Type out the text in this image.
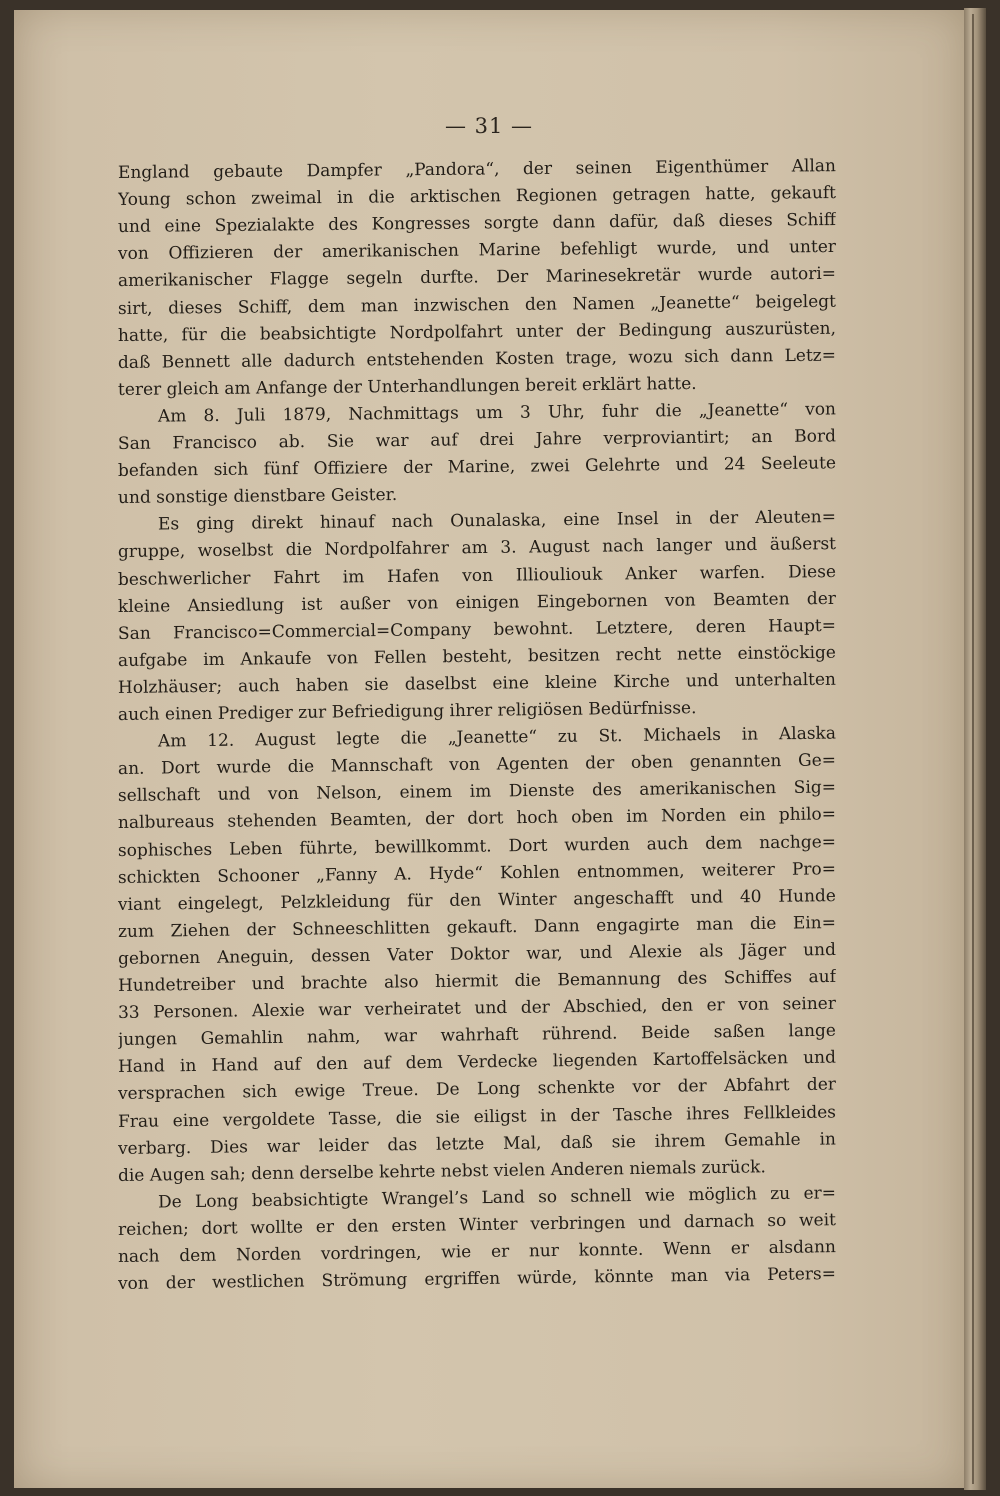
— 31 —
England gebaute Dampfer „Pandora“, der seinen Eigenthümer Allan
Young schon zweimal in die arktischen Regionen getragen hatte, gekauft
und eine Spezialakte des Kongresses sorgte dann dafür, daß dieses Schiff
von Offizieren der amerikanischen Marine befehligt wurde, und unter
amerikanischer Flagge segeln durfte. Der Marinesekretär wurde autori=
sirt, dieses Schiff, dem man inzwischen den Namen „Jeanette“ beigelegt
hatte, für die beabsichtigte Nordpolfahrt unter der Bedingung auszurüsten,
daß Bennett alle dadurch entstehenden Kosten trage, wozu sich dann Letz=
terer gleich am Anfange der Unterhandlungen bereit erklärt hatte.
Am 8. Juli 1879, Nachmittags um 3 Uhr, fuhr die „Jeanette“ von
San Francisco ab. Sie war auf drei Jahre verproviantirt; an Bord
befanden sich fünf Offiziere der Marine, zwei Gelehrte und 24 Seeleute
und sonstige dienstbare Geister.
Es ging direkt hinauf nach Ounalaska, eine Insel in der Aleuten=
gruppe, woselbst die Nordpolfahrer am 3. August nach langer und äußerst
beschwerlicher Fahrt im Hafen von Illiouliouk Anker warfen. Diese
kleine Ansiedlung ist außer von einigen Eingebornen von Beamten der
San Francisco=Commercial=Company bewohnt. Letztere, deren Haupt=
aufgabe im Ankaufe von Fellen besteht, besitzen recht nette einstöckige
Holzhäuser; auch haben sie daselbst eine kleine Kirche und unterhalten
auch einen Prediger zur Befriedigung ihrer religiösen Bedürfnisse.
Am 12. August legte die „Jeanette“ zu St. Michaels in Alaska
an. Dort wurde die Mannschaft von Agenten der oben genannten Ge=
sellschaft und von Nelson, einem im Dienste des amerikanischen Sig=
nalbureaus stehenden Beamten, der dort hoch oben im Norden ein philo=
sophisches Leben führte, bewillkommt. Dort wurden auch dem nachge=
schickten Schooner „Fanny A. Hyde“ Kohlen entnommen, weiterer Pro=
viant eingelegt, Pelzkleidung für den Winter angeschafft und 40 Hunde
zum Ziehen der Schneeschlitten gekauft. Dann engagirte man die Ein=
gebornen Aneguin, dessen Vater Doktor war, und Alexie als Jäger und
Hundetreiber und brachte also hiermit die Bemannung des Schiffes auf
33 Personen. Alexie war verheiratet und der Abschied, den er von seiner
jungen Gemahlin nahm, war wahrhaft rührend. Beide saßen lange
Hand in Hand auf den auf dem Verdecke liegenden Kartoffelsäcken und
versprachen sich ewige Treue. De Long schenkte vor der Abfahrt der
Frau eine vergoldete Tasse, die sie eiligst in der Tasche ihres Fellkleides
verbarg. Dies war leider das letzte Mal, daß sie ihrem Gemahle in
die Augen sah; denn derselbe kehrte nebst vielen Anderen niemals zurück.
De Long beabsichtigte Wrangel’s Land so schnell wie möglich zu er=
reichen; dort wollte er den ersten Winter verbringen und darnach so weit
nach dem Norden vordringen, wie er nur konnte. Wenn er alsdann
von der westlichen Strömung ergriffen würde, könnte man via Peters=
